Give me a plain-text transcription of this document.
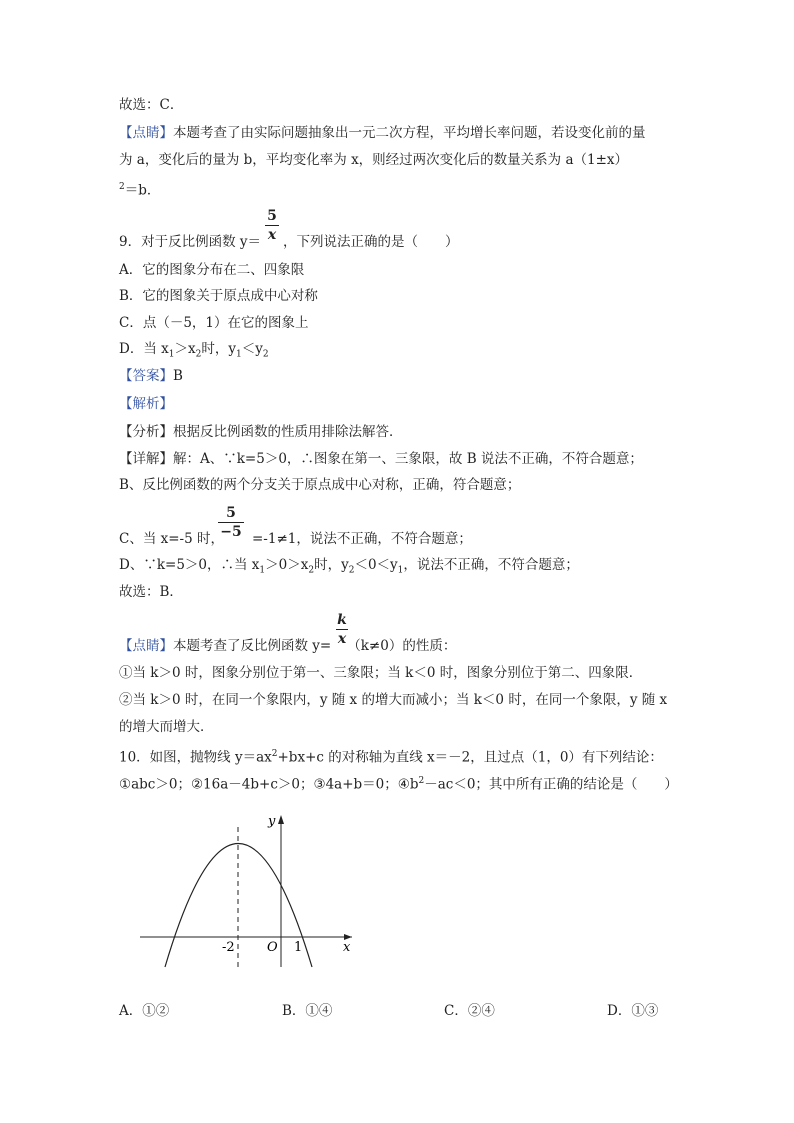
故选：C．
【点睛】本题考查了由实际问题抽象出一元二次方程，平均增长率问题，若设变化前的量
为 a，变化后的量为 b，平均变化率为 x，则经过两次变化后的数量关系为 a（1±x）
$^2$＝b．
9．对于反比例函数 y＝ ，下列说法正确的是（　　）
5
x
A．它的图象分布在二、四象限
B．它的图象关于原点成中心对称
C．点（－5，1）在它的图象上
D．当 $x_1>x_2$时，$y_1<y_2$
【答案】B
【解析】
【分析】根据反比例函数的性质用排除法解答．
【详解】解：A、∵k=5＞0，∴图象在第一、三象限，故 B 说法不正确，不符合题意；
B、反比例函数的两个分支关于原点成中心对称，正确，符合题意；
C、当 x=-5 时， =-1≠1，说法不正确，不符合题意；
5
−5
D、∵k=5＞0，∴当 $x_1>0>x_2$时，$y_2<0<y_1$，说法不正确，不符合题意；
故选：B．
【点睛】本题考查了反比例函数 y= （k≠0）的性质：
k
x
①当 k＞0 时，图象分别位于第一、三象限；当 k＜0 时，图象分别位于第二、四象限．
②当 k＞0 时，在同一个象限内，y 随 x 的增大而减小；当 k＜0 时，在同一个象限，y 随 x
的增大而增大．
10．如图，抛物线 $y=ax^2+bx+c$ 的对称轴为直线 x＝－2，且过点（1，0）有下列结论：
①abc＞0；②16a－4b+c＞0；③4a+b＝0；$④b^2-ac<0$；其中所有正确的结论是（　　）
y
x
O
-2	1
A．①②	B．①④	C．②④	D．①③
